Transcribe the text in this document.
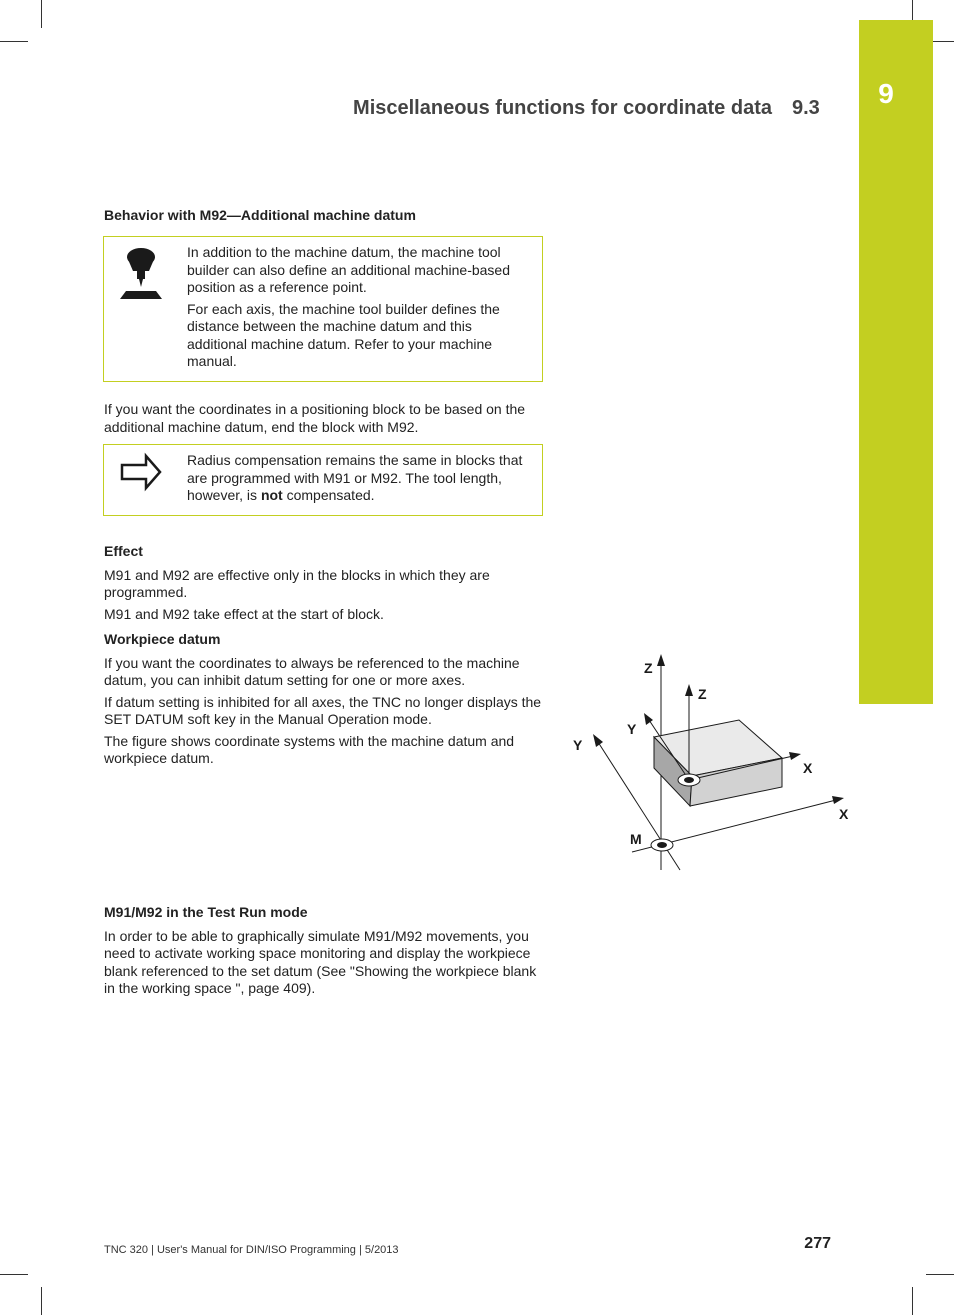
9
Miscellaneous functions for coordinate data 9.3
Behavior with M92—Additional machine datum

In addition to the machine datum, the machine tool builder can also define an additional machine-based position as a reference point.

For each axis, the machine tool builder defines the distance between the machine datum and this additional machine datum. Refer to your machine manual.

If you want the coordinates in a positioning block to be based on the additional machine datum, end the block with M92.

Radius compensation remains the same in blocks that are programmed with M91 or M92. The tool length, however, is not compensated.

Effect

M91 and M92 are effective only in the blocks in which they are programmed.

M91 and M92 take effect at the start of block.

Workpiece datum

If you want the coordinates to always be referenced to the machine datum, you can inhibit datum setting for one or more axes.

If datum setting is inhibited for all axes, the TNC no longer displays the SET DATUM soft key in the Manual Operation mode.

The figure shows coordinate systems with the machine datum and workpiece datum.

Z
Z
Y
Y
X
X
M
M91/M92 in the Test Run mode

In order to be able to graphically simulate M91/M92 movements, you need to activate working space monitoring and display the workpiece blank referenced to the set datum (See "Showing the workpiece blank in the working space ", page 409).

TNC 320 | User's Manual for DIN/ISO Programming | 5/2013	277
